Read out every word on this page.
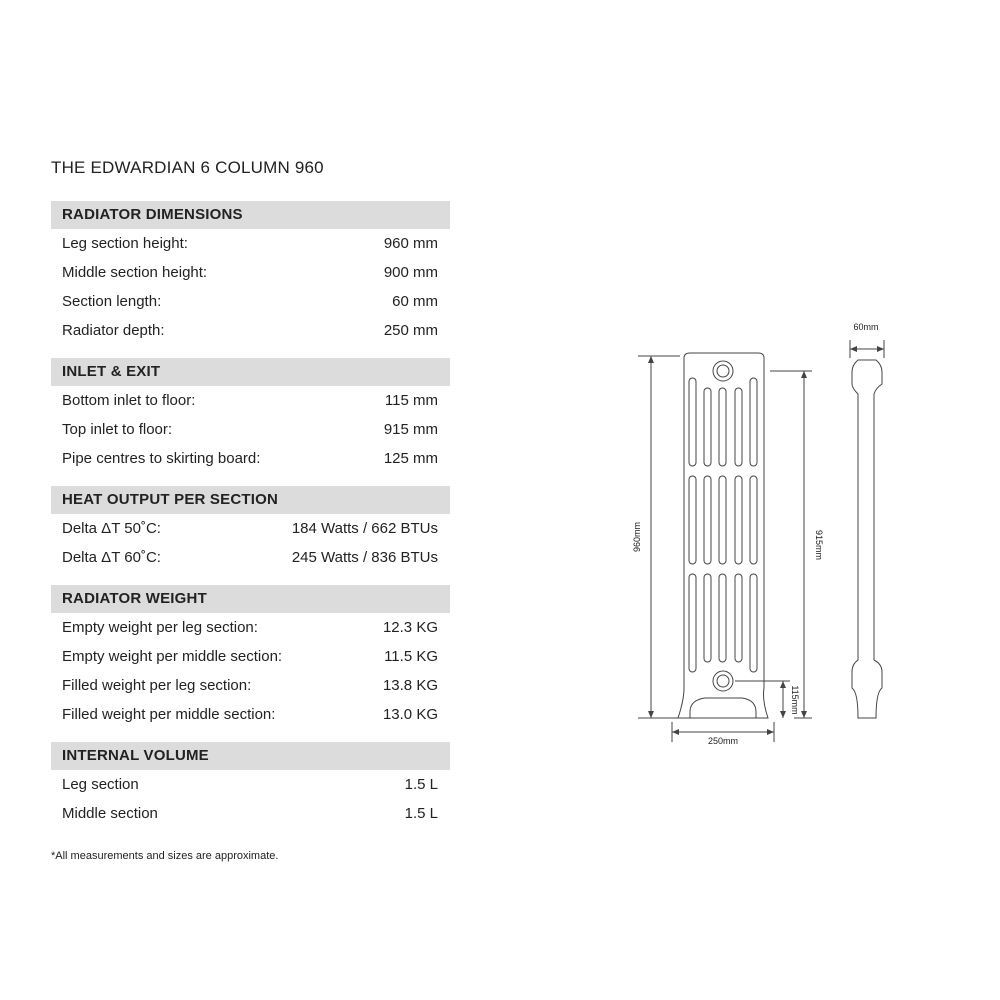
THE EDWARDIAN 6 COLUMN 960
RADIATOR DIMENSIONS
Leg section height:	960 mm
Middle section height:	900 mm
Section length:	60 mm
Radiator depth:	250 mm
INLET & EXIT
Bottom inlet to floor:	115 mm
Top inlet to floor:	915 mm
Pipe centres to skirting board:	125 mm
HEAT OUTPUT PER SECTION
Delta ΔT 50˚C:	184 Watts / 662 BTUs
Delta ΔT 60˚C:	245 Watts / 836 BTUs
RADIATOR WEIGHT
Empty weight per leg section:	12.3 KG
Empty weight per middle section:	11.5 KG
Filled weight per leg section:	13.8 KG
Filled weight per middle section:	13.0 KG
INTERNAL VOLUME
Leg section	1.5 L
Middle section	1.5 L
*All measurements and sizes are approximate.
960mm	915mm
115mm
250mm
60mm
